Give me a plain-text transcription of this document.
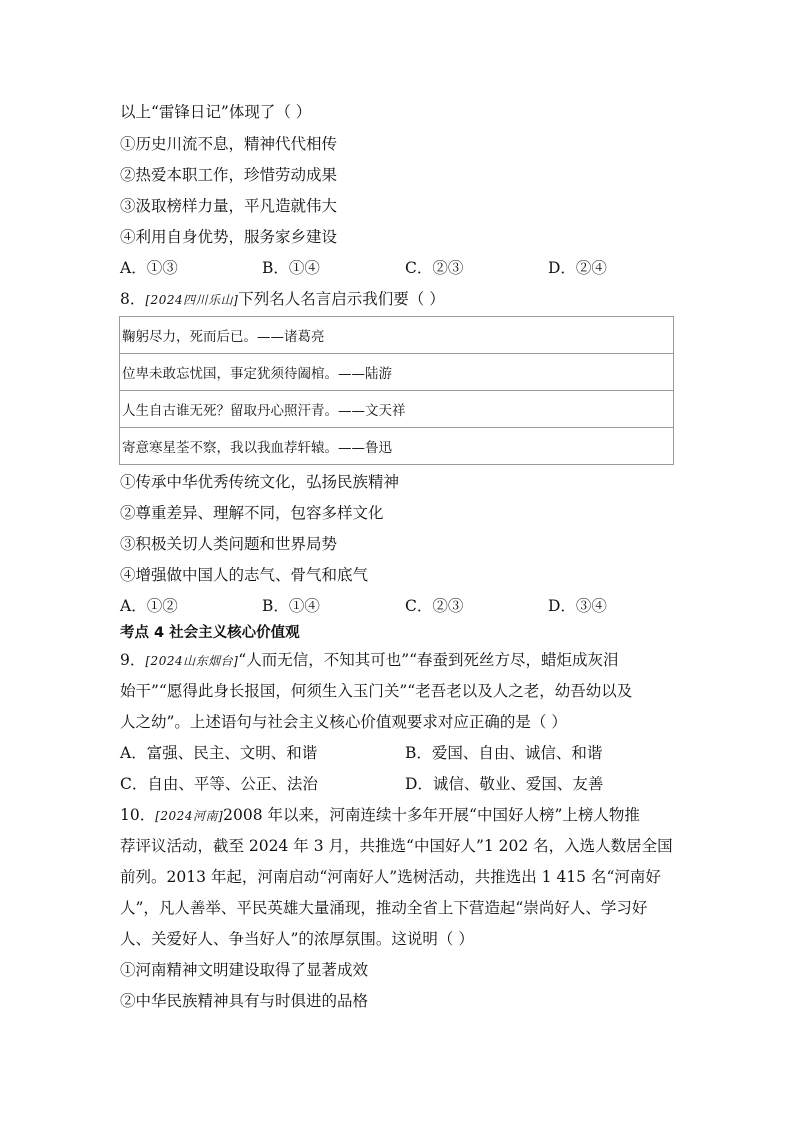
以上“雷锋日记”体现了（ ）
①历史川流不息，精神代代相传
②热爱本职工作，珍惜劳动成果
③汲取榜样力量，平凡造就伟大
④利用自身优势，服务家乡建设
A．①③	B．①④	C．②③	D．②④
8．[2024四川乐山]下列名人名言启示我们要（ ）
鞠躬尽力，死而后已。——诸葛亮
位卑未敢忘忧国，事定犹须待阖棺。——陆游
人生自古谁无死？留取丹心照汗青。——文天祥
寄意寒星荃不察，我以我血荐轩辕。——鲁迅
①传承中华优秀传统文化，弘扬民族精神
②尊重差异、理解不同，包容多样文化
③积极关切人类问题和世界局势
④增强做中国人的志气、骨气和底气
A．①②	B．①④	C．②③	D．③④
考点 4 社会主义核心价值观
9．[2024山东烟台]“人而无信，不知其可也”“春蚕到死丝方尽，蜡炬成灰泪
始干”“愿得此身长报国，何须生入玉门关”“老吾老以及人之老，幼吾幼以及
人之幼”。上述语句与社会主义核心价值观要求对应正确的是（ ）
A．富强、民主、文明、和谐	B．爱国、自由、诚信、和谐
C．自由、平等、公正、法治	D．诚信、敬业、爱国、友善
10．[2024河南]2008 年以来，河南连续十多年开展“中国好人榜”上榜人物推
荐评议活动，截至 2024 年 3 月，共推选“中国好人”1 202 名，入选人数居全国
前列。2013 年起，河南启动“河南好人”选树活动，共推选出 1 415 名“河南好
人”，凡人善举、平民英雄大量涌现，推动全省上下营造起“崇尚好人、学习好
人、关爱好人、争当好人”的浓厚氛围。这说明（ ）
①河南精神文明建设取得了显著成效
②中华民族精神具有与时俱进的品格
